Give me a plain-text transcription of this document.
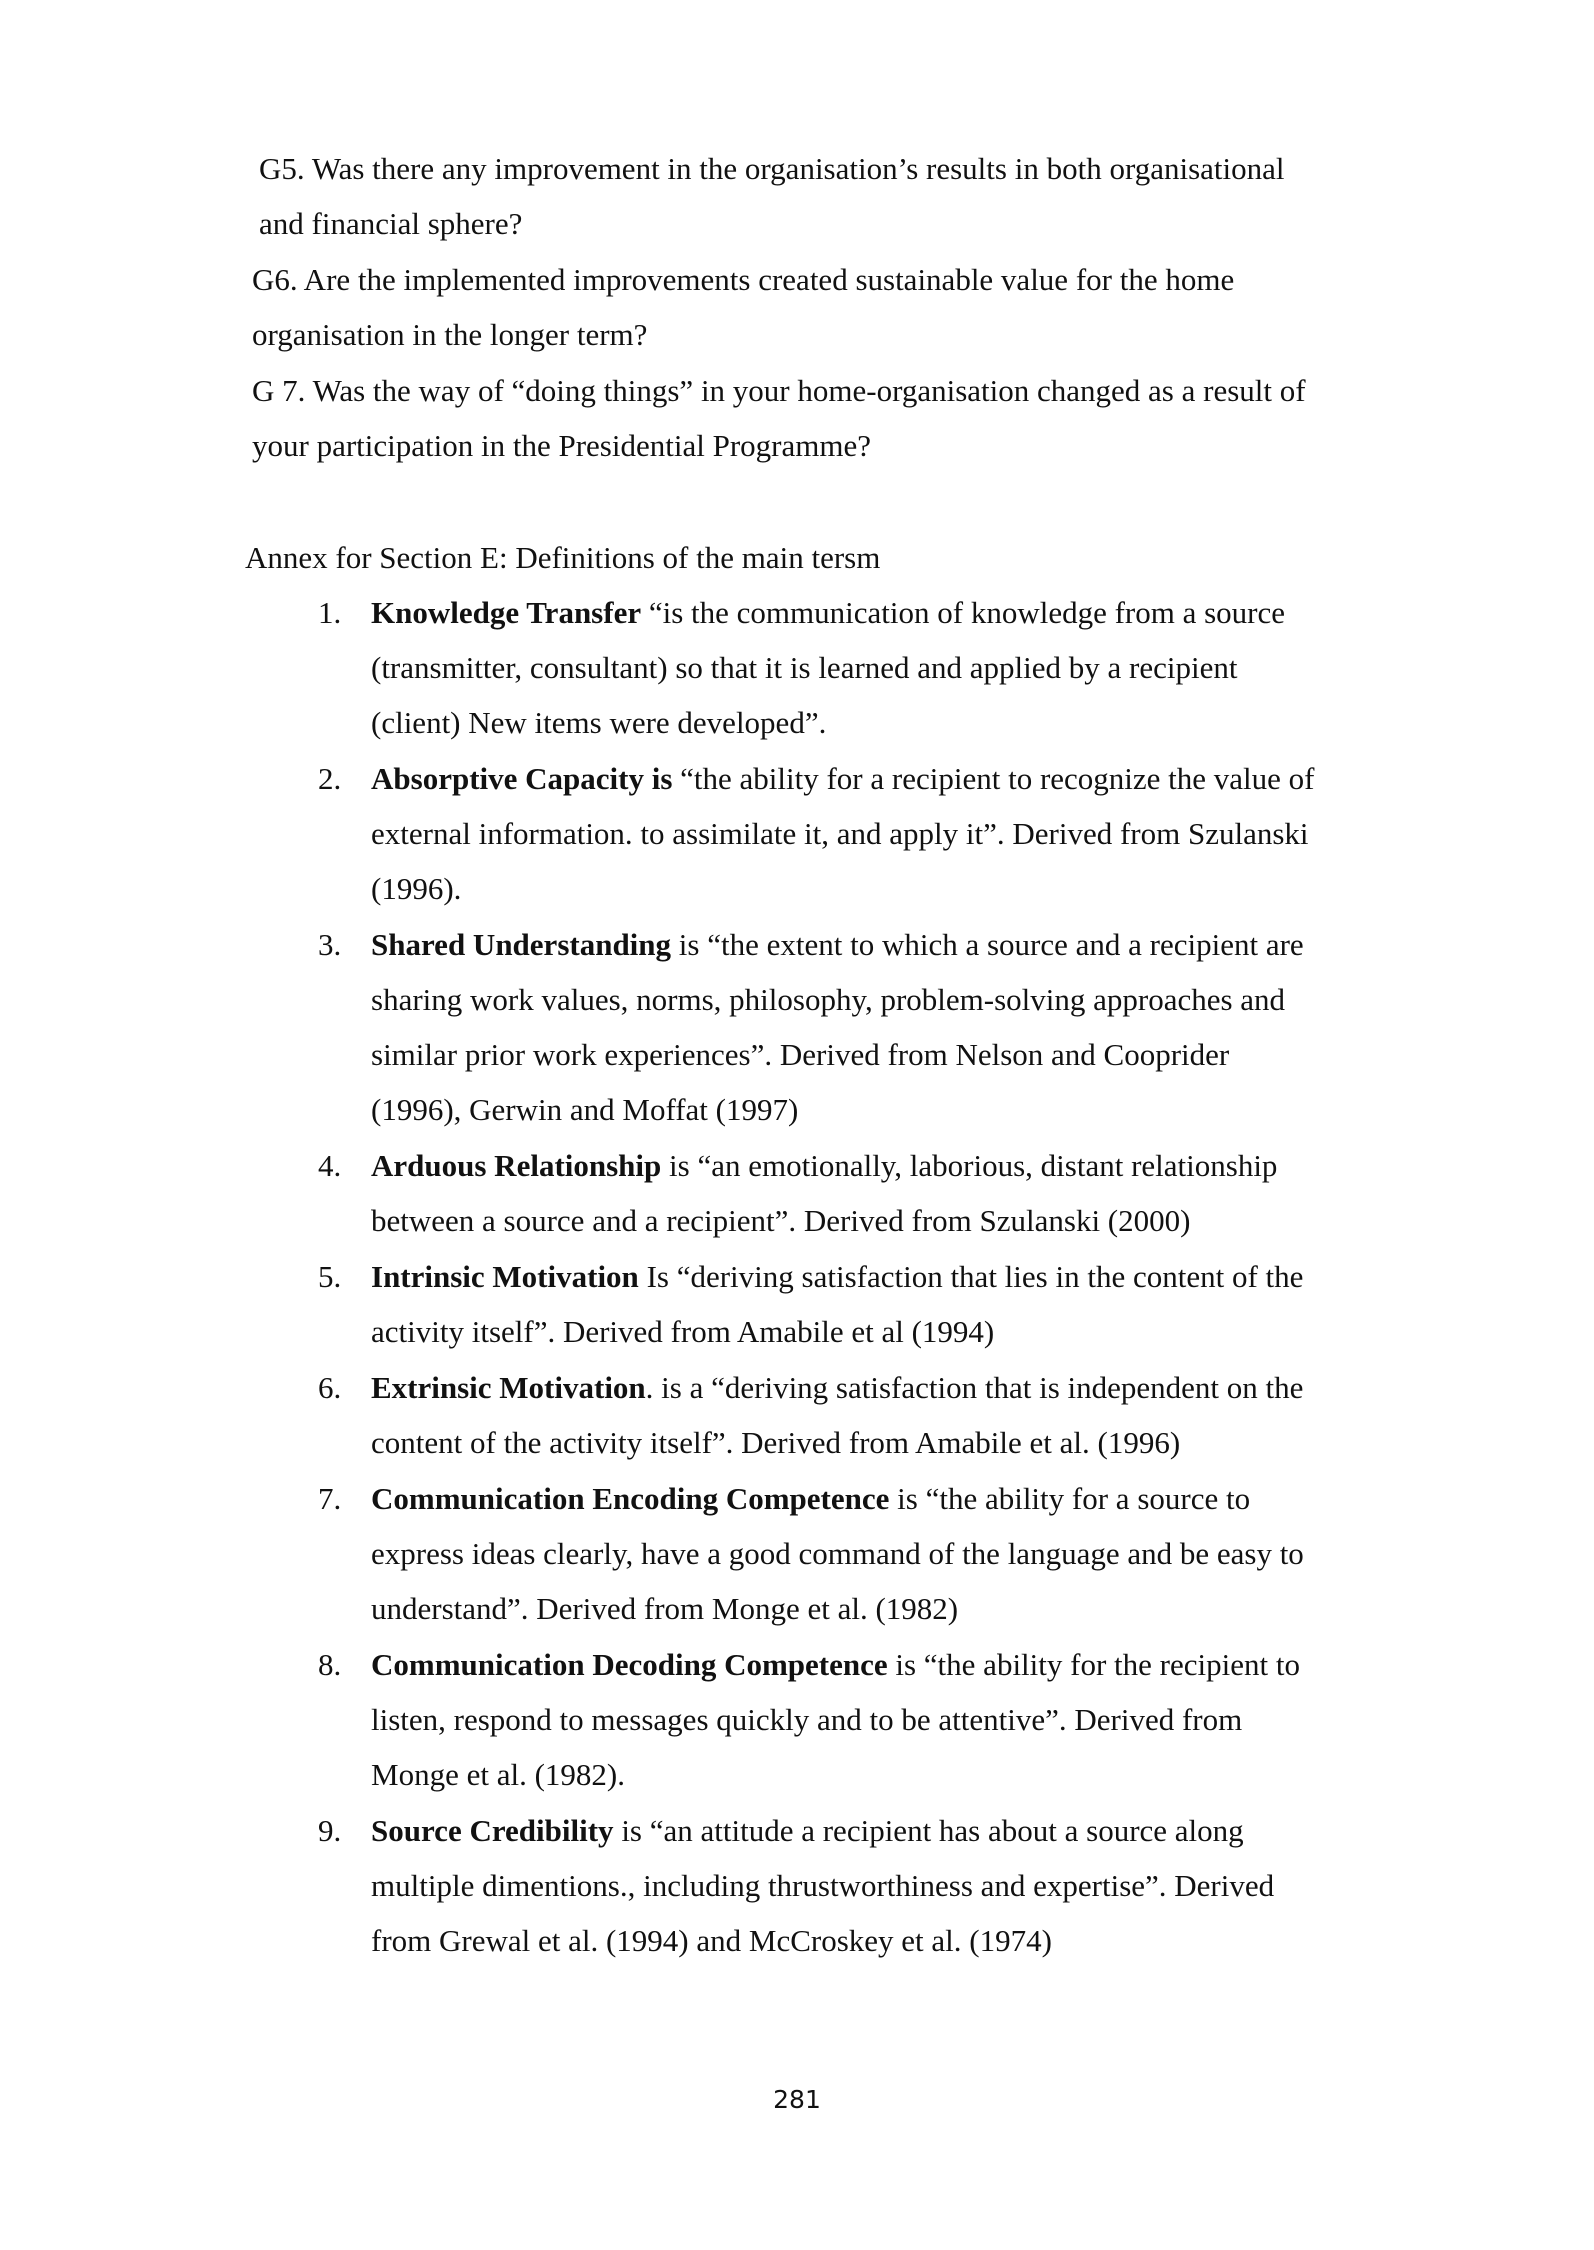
G5. Was there any improvement in the organisation’s results in both organisational

and financial sphere?

G6. Are the implemented improvements created sustainable value for the home

organisation in the longer term?

G 7. Was the way of “doing things” in your home-organisation changed as a result of

your participation in the Presidential Programme?

Annex for Section E: Definitions of the main tersm
1. Knowledge Transfer “is the communication of knowledge from a source

(transmitter, consultant) so that it is learned and applied by a recipient

(client) New items were developed”.

2. Absorptive Capacity is “the ability for a recipient to recognize the value of

external information. to assimilate it, and apply it”. Derived from Szulanski

(1996).

3. Shared Understanding is “the extent to which a source and a recipient are

sharing work values, norms, philosophy, problem-solving approaches and

similar prior work experiences”. Derived from Nelson and Cooprider

(1996), Gerwin and Moffat (1997)

4. Arduous Relationship is “an emotionally, laborious, distant relationship

between a source and a recipient”. Derived from Szulanski (2000)

5. Intrinsic Motivation Is “deriving satisfaction that lies in the content of the

activity itself”. Derived from Amabile et al (1994)

6. Extrinsic Motivation. is a “deriving satisfaction that is independent on the

content of the activity itself”. Derived from Amabile et al. (1996)

7. Communication Encoding Competence is “the ability for a source to

express ideas clearly, have a good command of the language and be easy to

understand”. Derived from Monge et al. (1982)

8. Communication Decoding Competence is “the ability for the recipient to

listen, respond to messages quickly and to be attentive”. Derived from

Monge et al. (1982).

9. Source Credibility is “an attitude a recipient has about a source along

multiple dimentions., including thrustworthiness and expertise”. Derived

from Grewal et al. (1994) and McCroskey et al. (1974)

281
